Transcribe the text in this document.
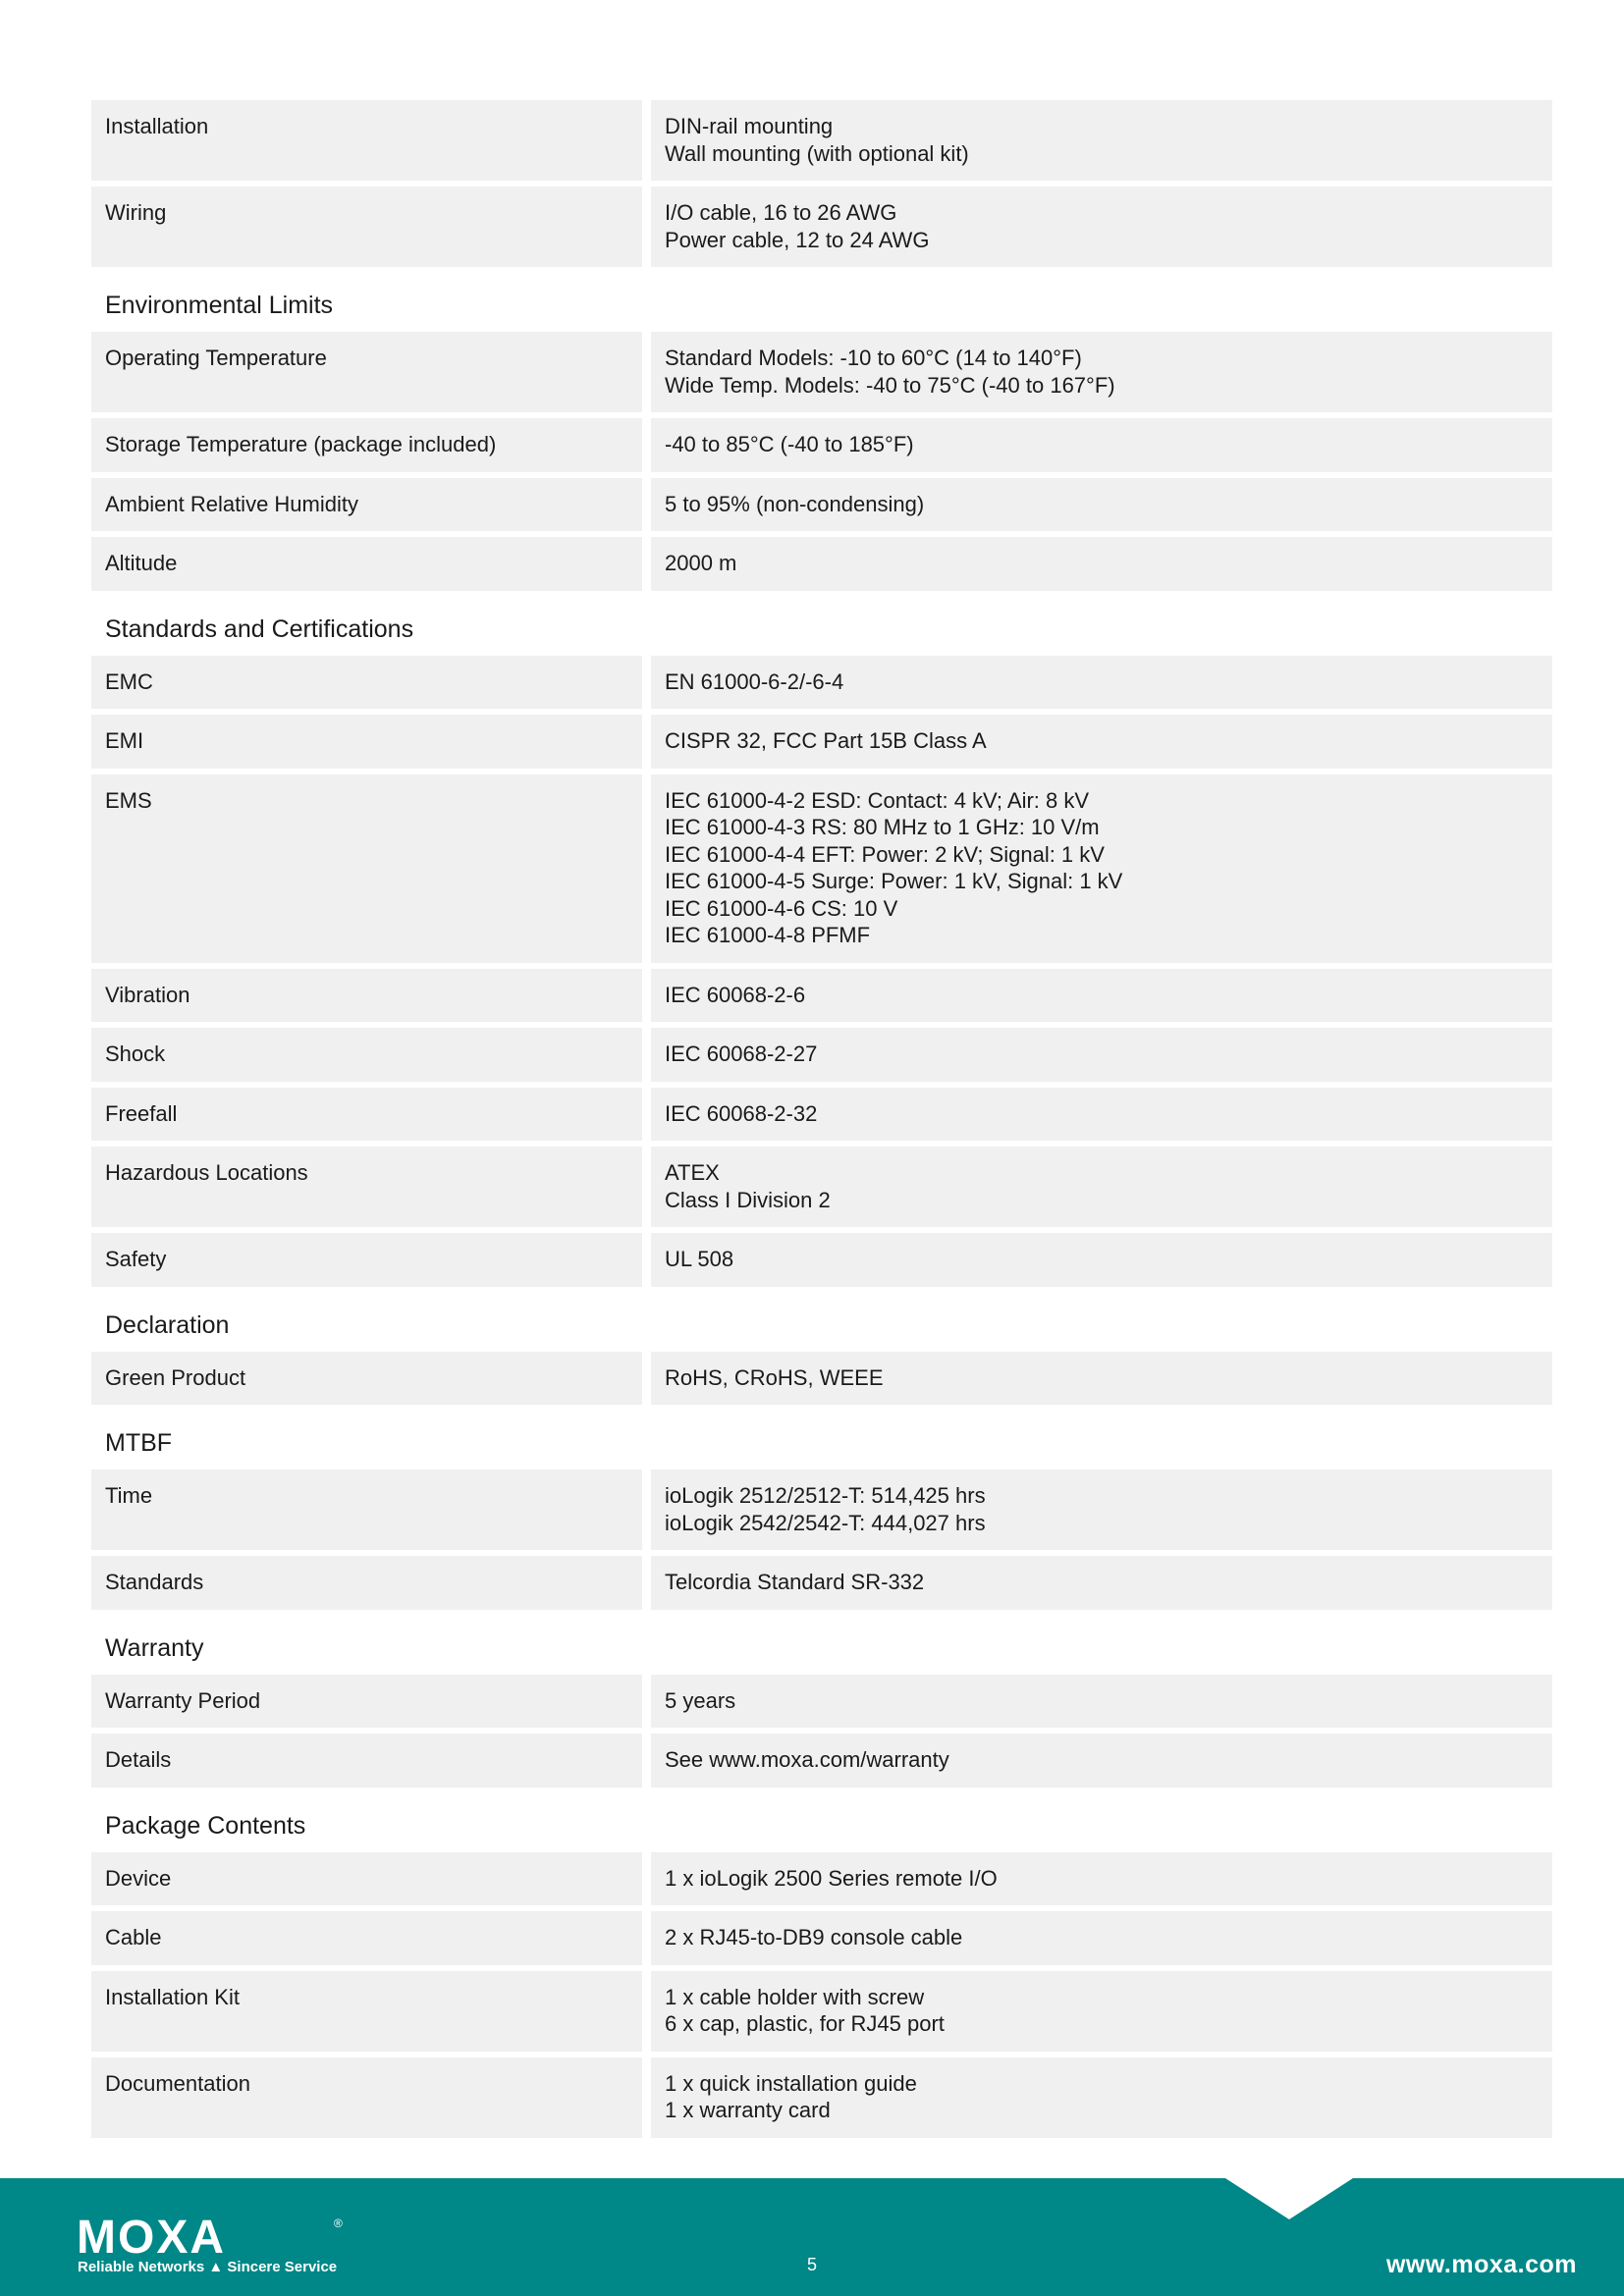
Installation	DIN-rail mounting
Wall mounting (with optional kit)
Wiring	I/O cable, 16 to 26 AWG
Power cable, 12 to 24 AWG
Environmental Limits
Operating Temperature	Standard Models: -10 to 60°C (14 to 140°F)
Wide Temp. Models: -40 to 75°C (-40 to 167°F)
Storage Temperature (package included)	-40 to 85°C (-40 to 185°F)
Ambient Relative Humidity	5 to 95% (non-condensing)
Altitude	2000 m
Standards and Certifications
EMC	EN 61000-6-2/-6-4
EMI	CISPR 32, FCC Part 15B Class A
EMS	IEC 61000-4-2 ESD: Contact: 4 kV; Air: 8 kV
IEC 61000-4-3 RS: 80 MHz to 1 GHz: 10 V/m
IEC 61000-4-4 EFT: Power: 2 kV; Signal: 1 kV
IEC 61000-4-5 Surge: Power: 1 kV, Signal: 1 kV
IEC 61000-4-6 CS: 10 V
IEC 61000-4-8 PFMF
Vibration	IEC 60068-2-6
Shock	IEC 60068-2-27
Freefall	IEC 60068-2-32
Hazardous Locations	ATEX
Class I Division 2
Safety	UL 508
Declaration
Green Product	RoHS, CRoHS, WEEE
MTBF
Time	ioLogik 2512/2512-T: 514,425 hrs
ioLogik 2542/2542-T: 444,027 hrs
Standards	Telcordia Standard SR-332
Warranty
Warranty Period	5 years
Details	See www.moxa.com/warranty
Package Contents
Device	1 x ioLogik 2500 Series remote I/O
Cable	2 x RJ45-to-DB9 console cable
Installation Kit	1 x cable holder with screw
6 x cap, plastic, for RJ45 port
Documentation	1 x quick installation guide
1 x warranty card
MOXA	®
Reliable Networks ▲ Sincere Service	5	www.moxa.com
